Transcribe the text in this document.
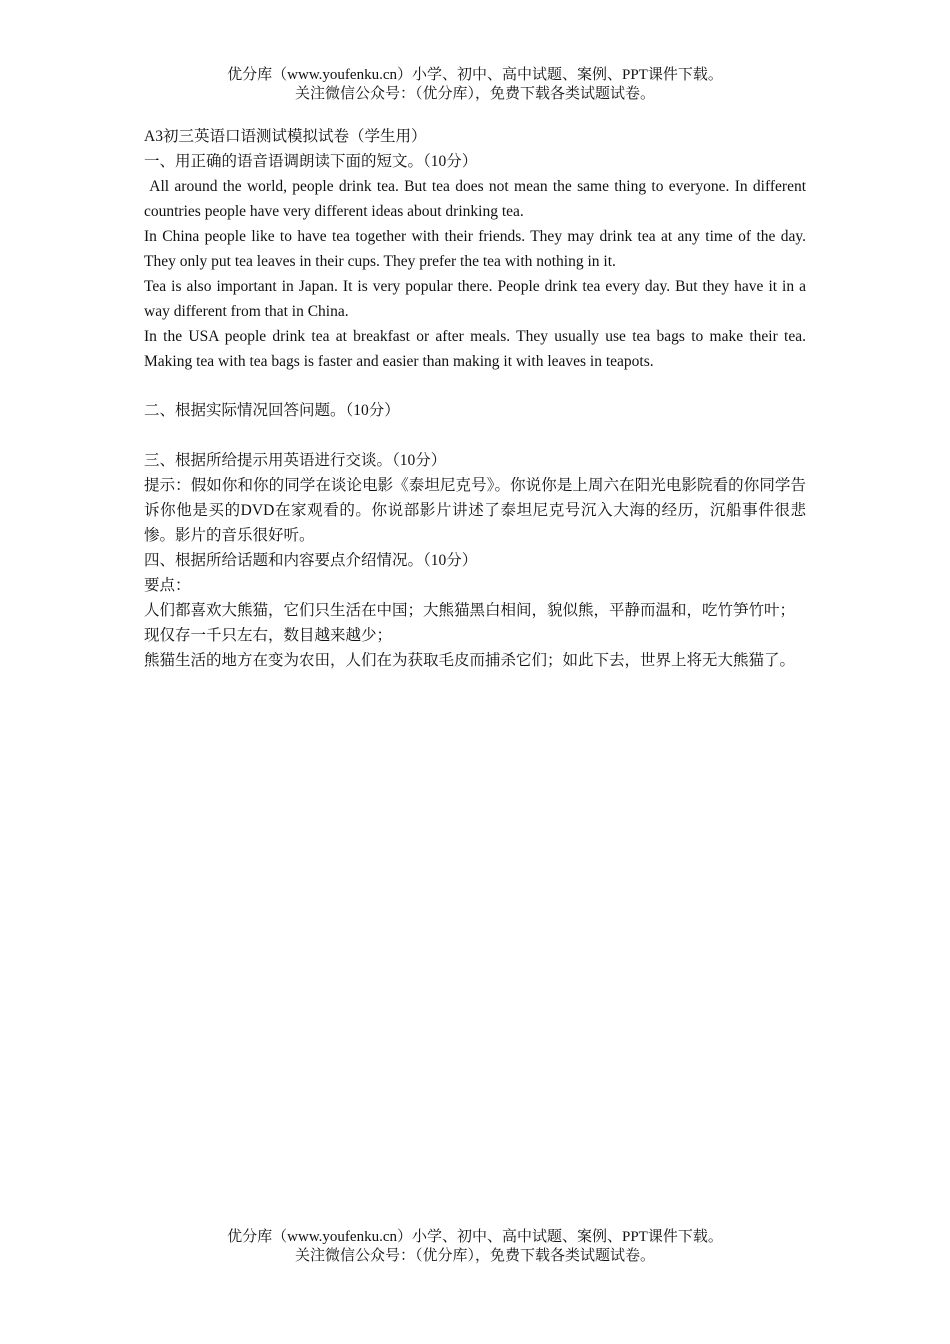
优分库（www.youfenku.cn）小学、初中、高中试题、案例、PPT课件下载。
关注微信公众号：（优分库），免费下载各类试题试卷。

A3初三英语口语测试模拟试卷（学生用）

一、用正确的语音语调朗读下面的短文。（10分）

All around the world, people drink tea. But tea does not mean the same thing to everyone. In different countries people have very different ideas about drinking tea.

In China people like to have tea together with their friends. They may drink tea at any time of the day. They only put tea leaves in their cups. They prefer the tea with nothing in it.

Tea is also important in Japan. It is very popular there. People drink tea every day. But they have it in a way different from that in China.

In the USA people drink tea at breakfast or after meals. They usually use tea bags to make their tea. Making tea with tea bags is faster and easier than making it with leaves in teapots.

二、根据实际情况回答问题。（10分）

三、根据所给提示用英语进行交谈。（10分）

提示：假如你和你的同学在谈论电影《泰坦尼克号》。你说你是上周六在阳光电影院看的你同学告诉你他是买的DVD在家观看的。你说部影片讲述了泰坦尼克号沉入大海的经历，沉船事件很悲惨。影片的音乐很好听。

四、根据所给话题和内容要点介绍情况。（10分）

要点：

人们都喜欢大熊猫，它们只生活在中国；大熊猫黑白相间，貌似熊，平静而温和，吃竹笋竹叶；

现仅存一千只左右，数目越来越少；

熊猫生活的地方在变为农田，人们在为获取毛皮而捕杀它们；如此下去，世界上将无大熊猫了。

优分库（www.youfenku.cn）小学、初中、高中试题、案例、PPT课件下载。
关注微信公众号：（优分库），免费下载各类试题试卷。
